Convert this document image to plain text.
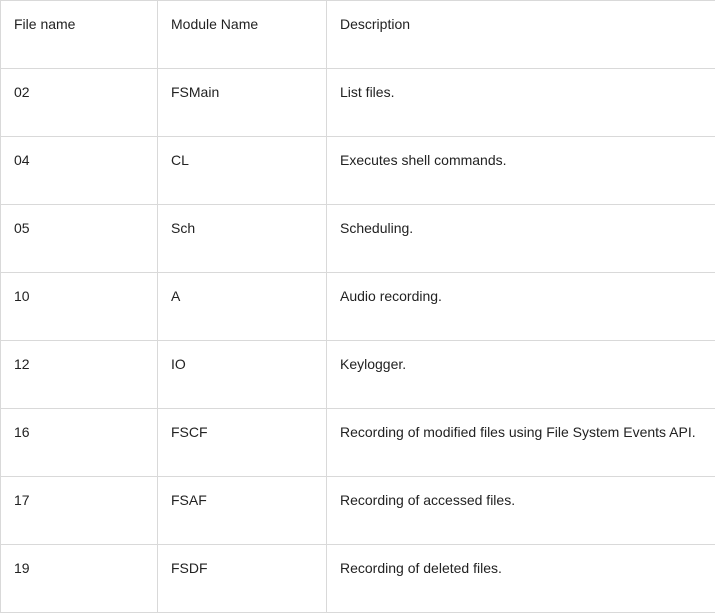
File name	Module Name	Description
02	FSMain	List files.
04	CL	Executes shell commands.
05	Sch	Scheduling.
10	A	Audio recording.
12	IO	Keylogger.
16	FSCF	Recording of modified files using File System Events API.
17	FSAF	Recording of accessed files.
19	FSDF	Recording of deleted files.
